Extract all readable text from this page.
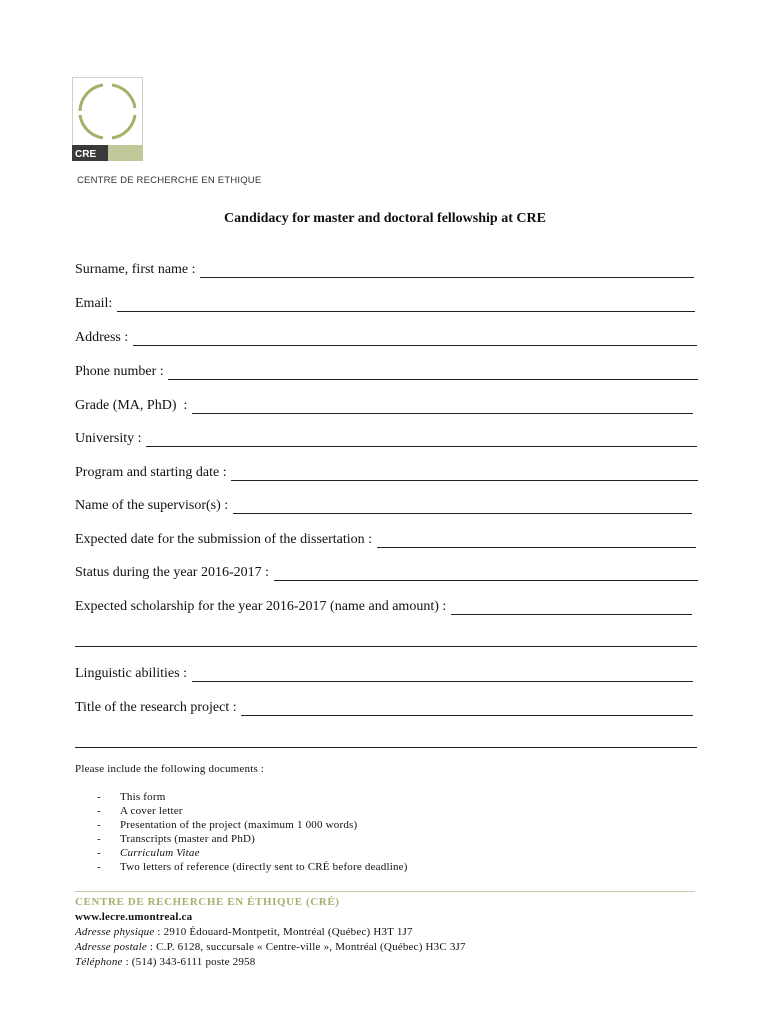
CRE
CENTRE DE RECHERCHE EN ETHIQUE
Candidacy for master and doctoral fellowship at CRE
Surname, first name :
Email:
Address :
Phone number :
Grade (MA, PhD)  :
University :
Program and starting date :
Name of the supervisor(s) :
Expected date for the submission of the dissertation :
Status during the year 2016-2017 :
Expected scholarship for the year 2016-2017 (name and amount) :
Linguistic abilities :
Title of the research project :
Please include the following documents :
- This form
- A cover letter
- Presentation of the project (maximum 1 000 words)
- Transcripts (master and PhD)
- Curriculum Vitae
- Two letters of reference (directly sent to CRÉ before deadline)
CENTRE DE RECHERCHE EN ÉTHIQUE (CRÉ)
www.lecre.umontreal.ca
Adresse physique : 2910 Édouard-Montpetit, Montréal (Québec) H3T 1J7
Adresse postale : C.P. 6128, succursale « Centre-ville », Montréal (Québec) H3C 3J7
Téléphone : (514) 343-6111 poste 2958
